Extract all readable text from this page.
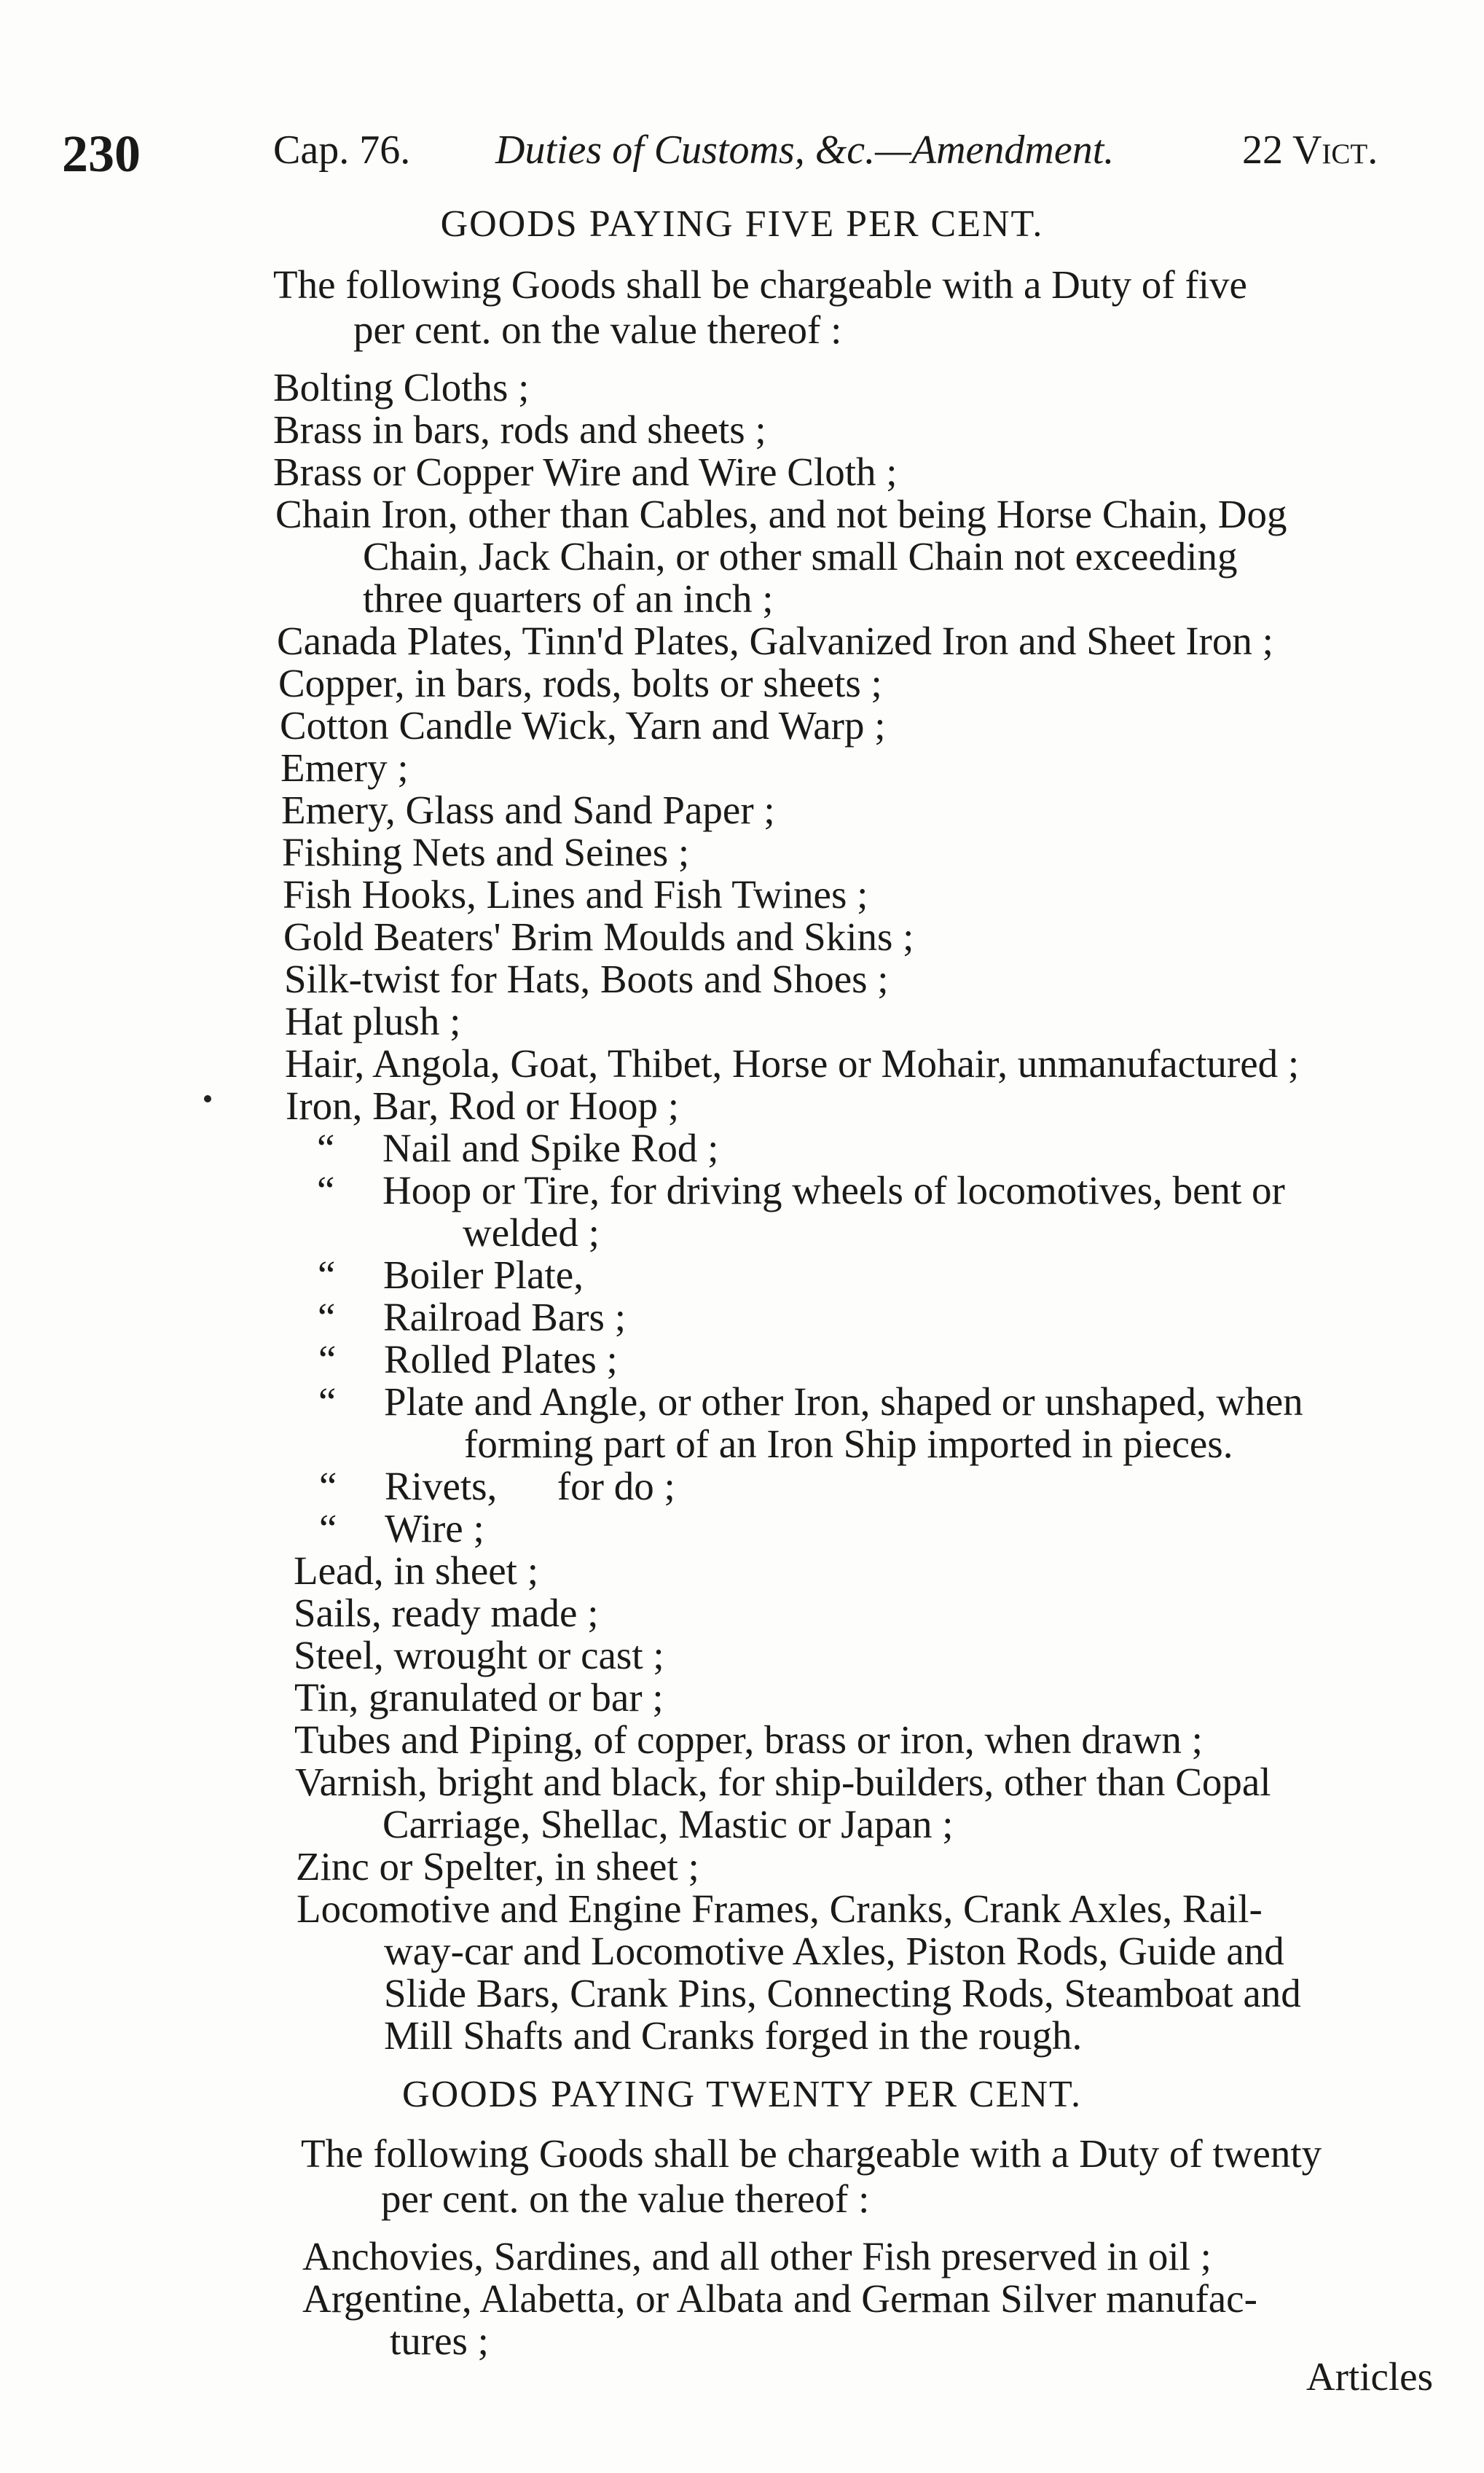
230	Cap. 76. Duties of Customs, &c.—Amendment.	22 Vict.
GOODS PAYING FIVE PER CENT.
The following Goods shall be chargeable with a Duty of five
per cent. on the value thereof :
Bolting Cloths ;
Brass in bars, rods and sheets ;
Brass or Copper Wire and Wire Cloth ;
Chain Iron, other than Cables, and not being Horse Chain, Dog
Chain, Jack Chain, or other small Chain not exceeding
three quarters of an inch ;
Canada Plates, Tinn'd Plates, Galvanized Iron and Sheet Iron ;
Copper, in bars, rods, bolts or sheets ;
Cotton Candle Wick, Yarn and Warp ;
Emery ;
Emery, Glass and Sand Paper ;
Fishing Nets and Seines ;
Fish Hooks, Lines and Fish Twines ;
Gold Beaters' Brim Moulds and Skins ;
Silk-twist for Hats, Boots and Shoes ;
Hat plush ;
Hair, Angola, Goat, Thibet, Horse or Mohair, unmanufactured ;
Iron, Bar, Rod or Hoop ;
“ Nail and Spike Rod ;
“ Hoop or Tire, for driving wheels of locomotives, bent or
welded ;
“ Boiler Plate,
“ Railroad Bars ;
“ Rolled Plates ;
“ Plate and Angle, or other Iron, shaped or unshaped, when
forming part of an Iron Ship imported in pieces.
“ Rivets,      for do ;
“ Wire ;
Lead, in sheet ;
Sails, ready made ;
Steel, wrought or cast ;
Tin, granulated or bar ;
Tubes and Piping, of copper, brass or iron, when drawn ;
Varnish, bright and black, for ship-builders, other than Copal
Carriage, Shellac, Mastic or Japan ;
Zinc or Spelter, in sheet ;
Locomotive and Engine Frames, Cranks, Crank Axles, Rail-
way-car and Locomotive Axles, Piston Rods, Guide and
Slide Bars, Crank Pins, Connecting Rods, Steamboat and
Mill Shafts and Cranks forged in the rough.
GOODS PAYING TWENTY PER CENT.
The following Goods shall be chargeable with a Duty of twenty
per cent. on the value thereof :
Anchovies, Sardines, and all other Fish preserved in oil ;
Argentine, Alabetta, or Albata and German Silver manufac-
tures ;
Articles
